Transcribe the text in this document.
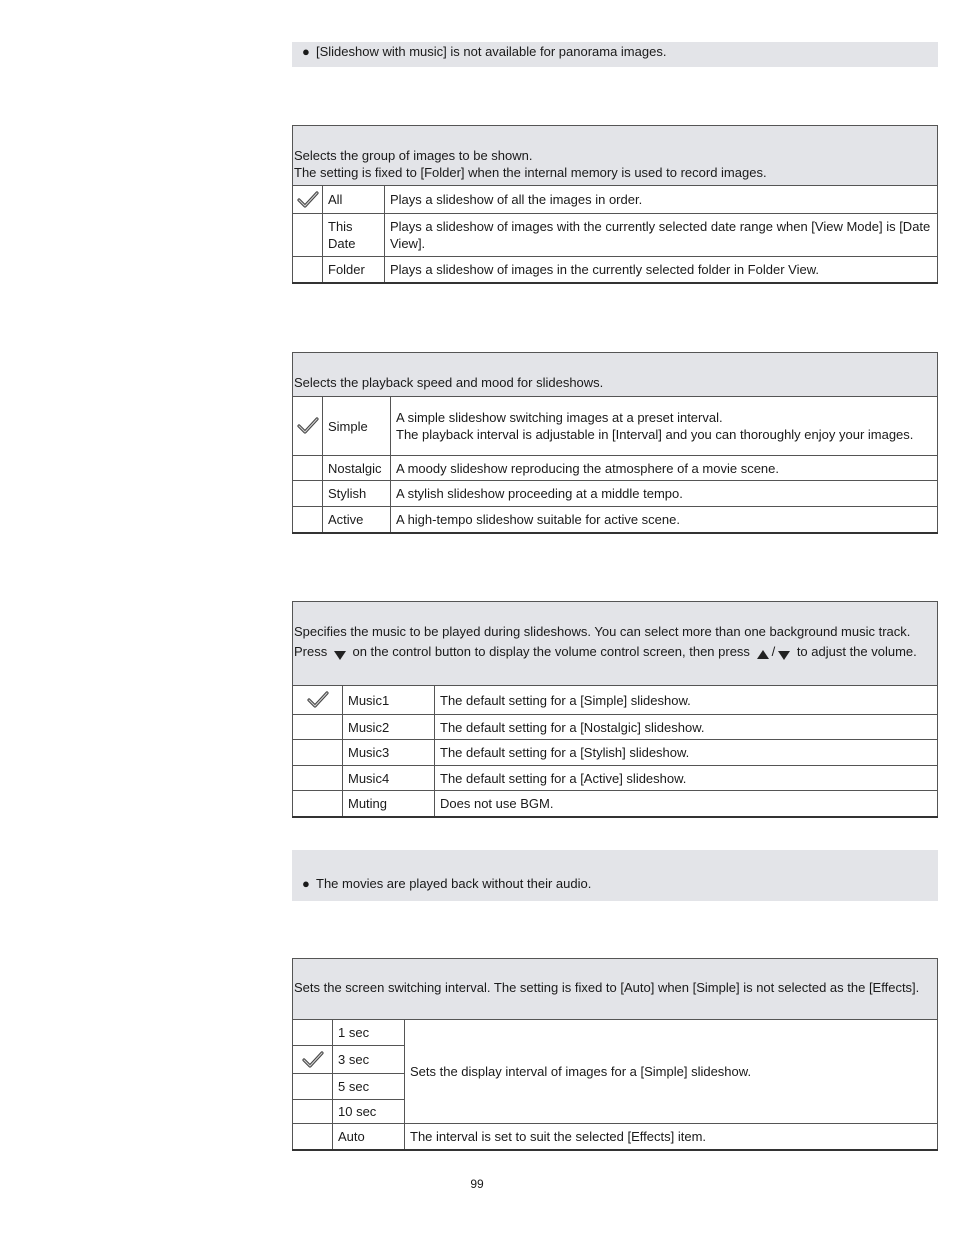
● [Slideshow with music] is not available for panorama images.
Selects the group of images to be shown.
The setting is fixed to [Folder] when the internal memory is used to record images.
	All	Plays a slideshow of all the images in order.

	This Date	Plays a slideshow of images with the currently selected date range when [View Mode] is [Date View].
	Folder	Plays a slideshow of images in the currently selected folder in Folder View.
Selects the playback speed and mood for slideshows.
	Simple	A simple slideshow switching images at a preset interval.
The playback interval is adjustable in [Interval] and you can thoroughly enjoy your images.

	Nostalgic	A moody slideshow reproducing the atmosphere of a movie scene.
	Stylish	A stylish slideshow proceeding at a middle tempo.
	Active	A high-tempo slideshow suitable for active scene.
Specifies the music to be played during slideshows. You can select more than one background music track. Press on the control button to display the volume control screen, then press / to adjust the volume.
	Music1	The default setting for a [Simple] slideshow.
	Music2	The default setting for a [Nostalgic] slideshow.
	Music3	The default setting for a [Stylish] slideshow.
	Music4	The default setting for a [Active] slideshow.
	Muting	Does not use BGM.
● The movies are played back without their audio.
Sets the screen switching interval. The setting is fixed to [Auto] when [Simple] is not selected as the [Effects].
	1 sec	Sets the display interval of images for a [Simple] slideshow.
	3 sec	
	5 sec	
	10 sec	
	Auto	The interval is set to suit the selected [Effects] item.
99
